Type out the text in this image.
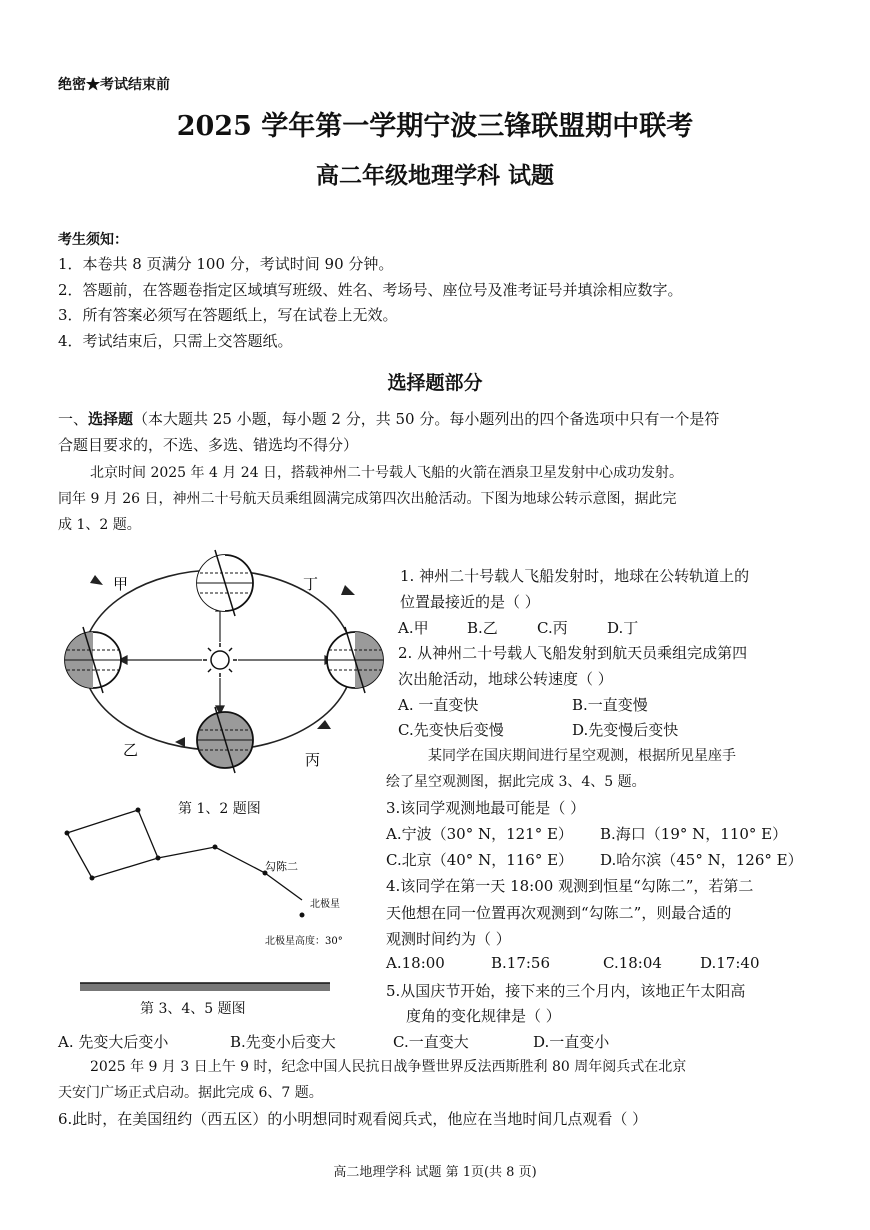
绝密★考试结束前
2025 学年第一学期宁波三锋联盟期中联考
高二年级地理学科 试题
考生须知：
1．本卷共 8 页满分 100 分，考试时间 90 分钟。
2．答题前，在答题卷指定区域填写班级、姓名、考场号、座位号及准考证号并填涂相应数字。
3．所有答案必须写在答题纸上，写在试卷上无效。
4．考试结束后，只需上交答题纸。
选择题部分
一、选择题（本大题共 25 小题，每小题 2 分，共 50 分。每小题列出的四个备选项中只有一个是符
合题目要求的，不选、多选、错选均不得分）
北京时间 2025 年 4 月 24 日，搭载神州二十号载人飞船的火箭在酒泉卫星发射中心成功发射。
同年 9 月 26 日，神州二十号航天员乘组圆满完成第四次出舱活动。下图为地球公转示意图，据此完
成 1、2 题。
甲	丁
乙
丙
第 1、2 题图
勾陈二
北极星
北极星高度：30°
第 3、4、5 题图
1. 神州二十号载人飞船发射时，地球在公转轨道上的
位置最接近的是（ ）
A.甲	B.乙	C.丙	D.丁
2. 从神州二十号载人飞船发射到航天员乘组完成第四
次出舱活动，地球公转速度（ ）
A. 一直变快	B.一直变慢
C.先变快后变慢	D.先变慢后变快
某同学在国庆期间进行星空观测，根据所见星座手
绘了星空观测图，据此完成 3、4、5 题。
3.该同学观测地最可能是（ ）
A.宁波（30° N，121° E） B.海口（19° N，110° E）
C.北京（40° N，116° E） D.哈尔滨（45° N，126° E）
4.该同学在第一天 18:00 观测到恒星“勾陈二”，若第二
天他想在同一位置再次观测到“勾陈二”，则最合适的
观测时间约为（ ）
A.18:00	B.17:56	C.18:04	D.17:40
5.从国庆节开始，接下来的三个月内，该地正午太阳高
度角的变化规律是（ ）
A. 先变大后变小	B.先变小后变大	C.一直变大	D.一直变小
2025 年 9 月 3 日上午 9 时，纪念中国人民抗日战争暨世界反法西斯胜利 80 周年阅兵式在北京
天安门广场正式启动。据此完成 6、7 题。
6.此时，在美国纽约（西五区）的小明想同时观看阅兵式，他应在当地时间几点观看（ ）
高二地理学科 试题 第 1页(共 8 页)
